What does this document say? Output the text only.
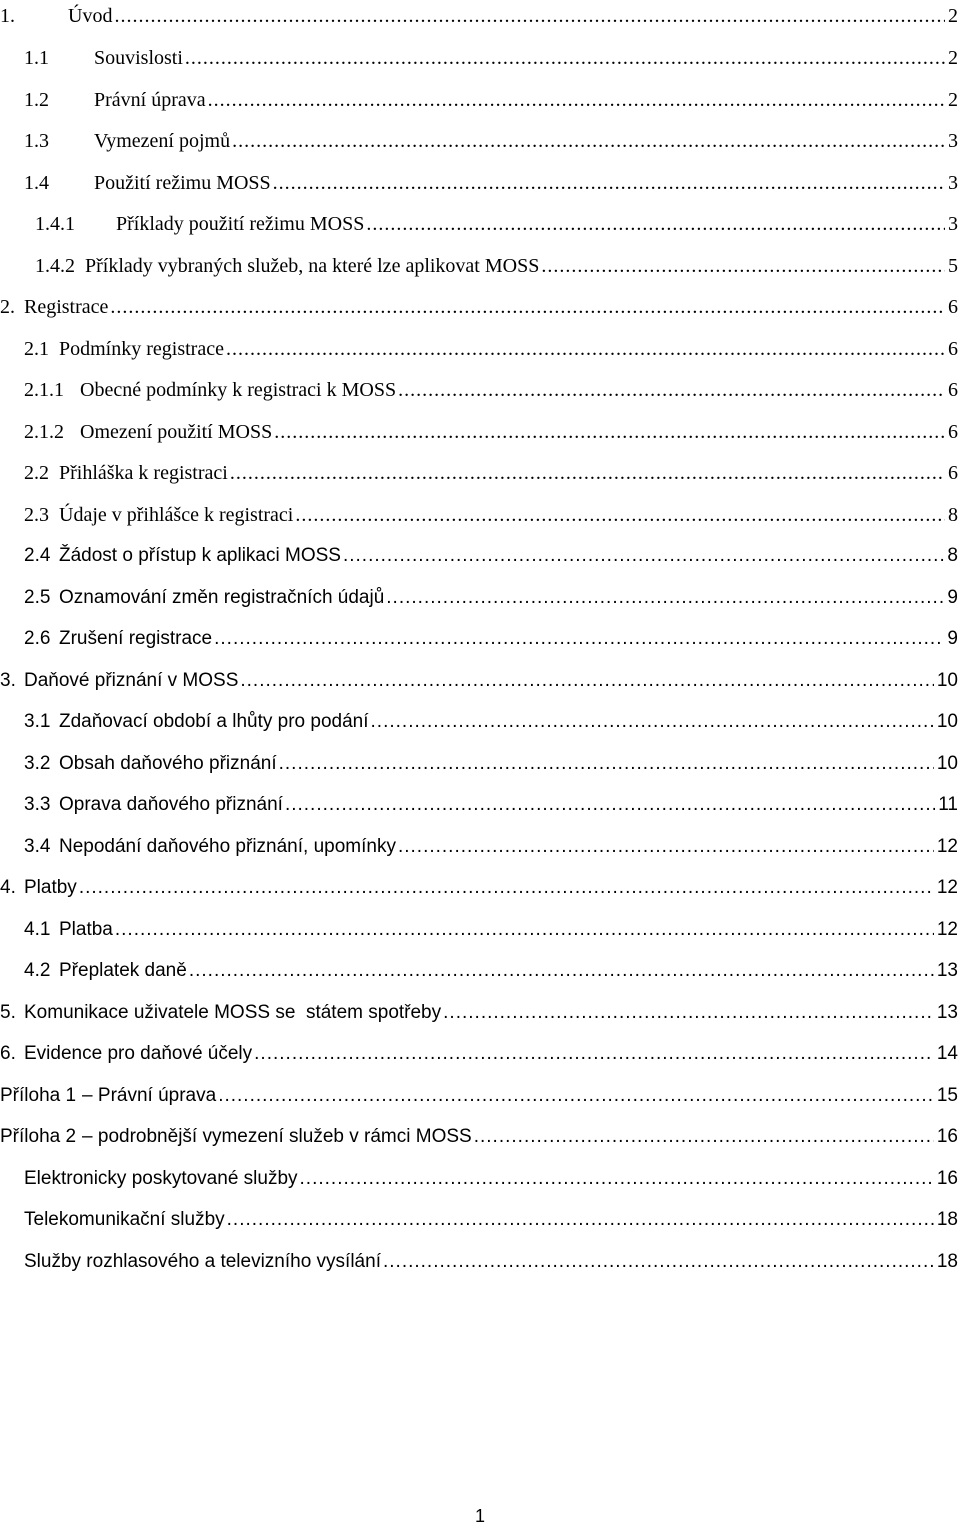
1.	Úvod .....	2
1.1	Souvislosti .....	2
1.2	Právní úprava .....	2
1.3	Vymezení pojmů .....	3
1.4	Použití režimu MOSS .....	3
1.4.1	Příklady použití režimu MOSS .....	3
1.4.2 Příklady vybraných služeb, na které lze aplikovat MOSS .....	5
2. Registrace .....	6
2.1 Podmínky registrace .....	6
2.1.1 Obecné podmínky k registraci k MOSS .....	6
2.1.2 Omezení použití MOSS .....	6
2.2 Přihláška k registraci .....	6
2.3 Údaje v přihlášce k registraci .....	8
2.4 Žádost o přístup k aplikaci MOSS .....	8
2.5 Oznamování změn registračních údajů .....	9
2.6 Zrušení registrace .....	9
3. Daňové přiznání v MOSS .....	10
3.1 Zdaňovací období a lhůty pro podání .....	10
3.2 Obsah daňového přiznání .....	10
3.3 Oprava daňového přiznání .....	11
3.4 Nepodání daňového přiznání, upomínky .....	12
4. Platby .....	12
4.1 Platba .....	12
4.2 Přeplatek daně .....	13
5. Komunikace uživatele MOSS se  státem spotřeby .....	13
6. Evidence pro daňové účely .....	14
Příloha 1 – Právní úprava .....	15
Příloha 2 – podrobnější vymezení služeb v rámci MOSS .....	16
Elektronicky poskytované služby .....	16
Telekomunikační služby .....	18
Služby rozhlasového a televizního vysílání .....	18
1
